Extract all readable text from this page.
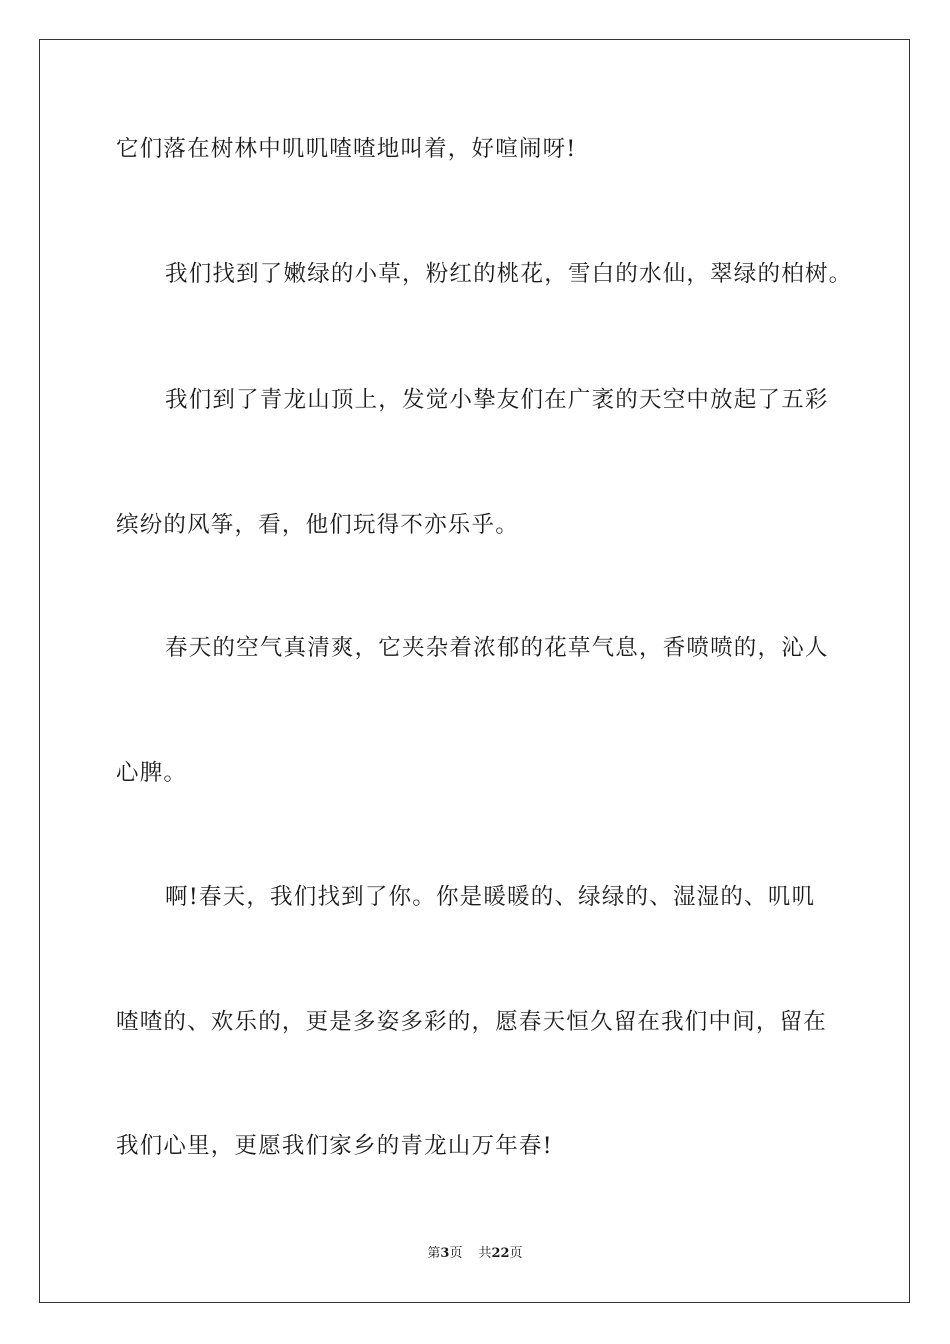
它们落在树林中叽叽喳喳地叫着，好喧闹呀!
我们找到了嫩绿的小草，粉红的桃花，雪白的水仙，翠绿的柏树。
我们到了青龙山顶上，发觉小挚友们在广袤的天空中放起了五彩
缤纷的风筝，看，他们玩得不亦乐乎。
春天的空气真清爽，它夹杂着浓郁的花草气息，香喷喷的，沁人
心脾。
啊!春天，我们找到了你。你是暖暖的、绿绿的、湿湿的、叽叽
喳喳的、欢乐的，更是多姿多彩的，愿春天恒久留在我们中间，留在
我们心里，更愿我们家乡的青龙山万年春!
第3页 共22页
